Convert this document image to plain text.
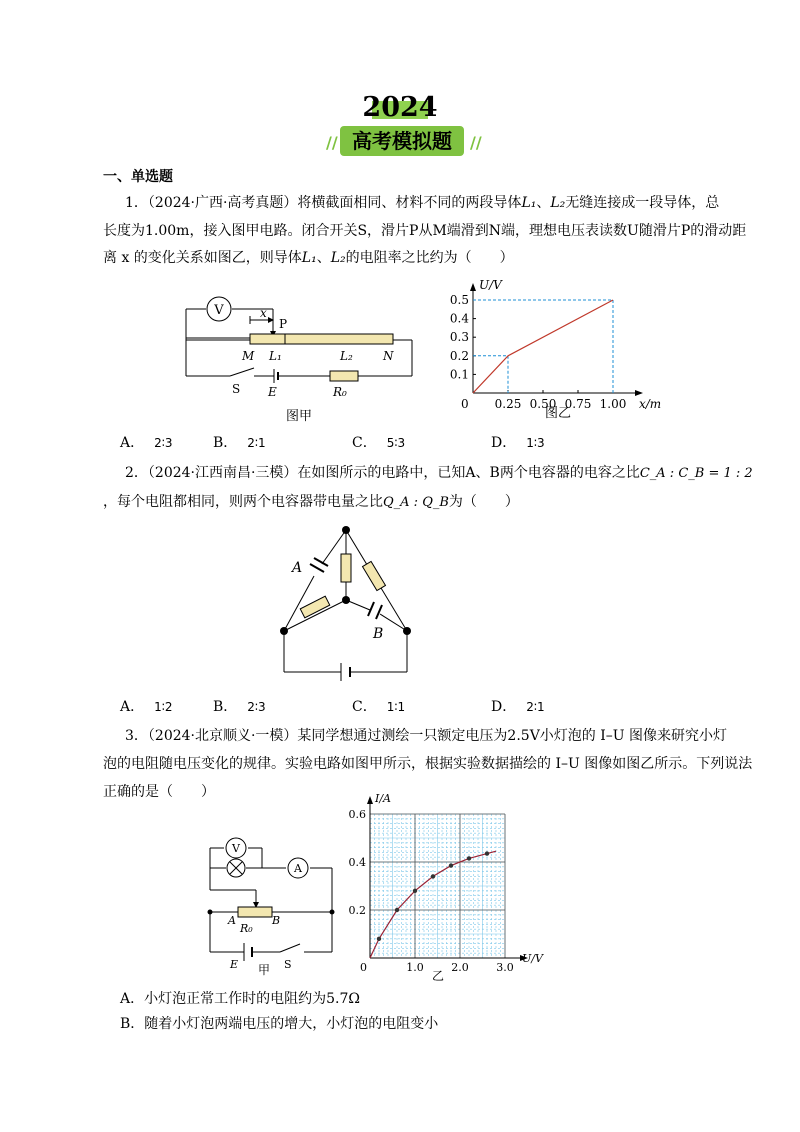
2024
// 高考模拟题	//
一、单选题
1．（2024·广西·高考真题）将横截面相同、材料不同的两段导体L₁、L₂无缝连接成一段导体，总
长度为1.00m，接入图甲电路。闭合开关S，滑片P从M端滑到N端，理想电压表读数U随滑片P的滑动距
离 x 的变化关系如图乙，则导体L₁、L₂的电阻率之比约为（　　）
V	x
P
M L₁	L₂	N
S E	R₀
图甲
U/V
x/m
0
0.5
0.4
0.3
0.2
0.1
0.25 0.50 0.75 1.00
图乙
A． 2∶3	B． 2∶1	C． 5∶3	D． 1∶3
2．（2024·江西南昌·三模）在如图所示的电路中，已知A、B两个电容器的电容之比C_A : C_B = 1 : 2
，每个电阻都相同，则两个电容器带电量之比Q_A : Q_B为（　　）
A
B
A． 1∶2	B． 2∶3	C． 1∶1	D． 2∶1
3．（2024·北京顺义·一模）某同学想通过测绘一只额定电压为2.5V小灯泡的 I–U 图像来研究小灯
泡的电阻随电压变化的规律。实验电路如图甲所示，根据实验数据描绘的 I–U 图像如图乙所示。下列说法
正确的是（　　）
V
A
A
R₀
B
E	S
甲
I/A
U/V
0
0.6
0.4
0.2
1.0	2.0	3.0
乙
A．小灯泡正常工作时的电阻约为5.7Ω
B．随着小灯泡两端电压的增大，小灯泡的电阻变小
